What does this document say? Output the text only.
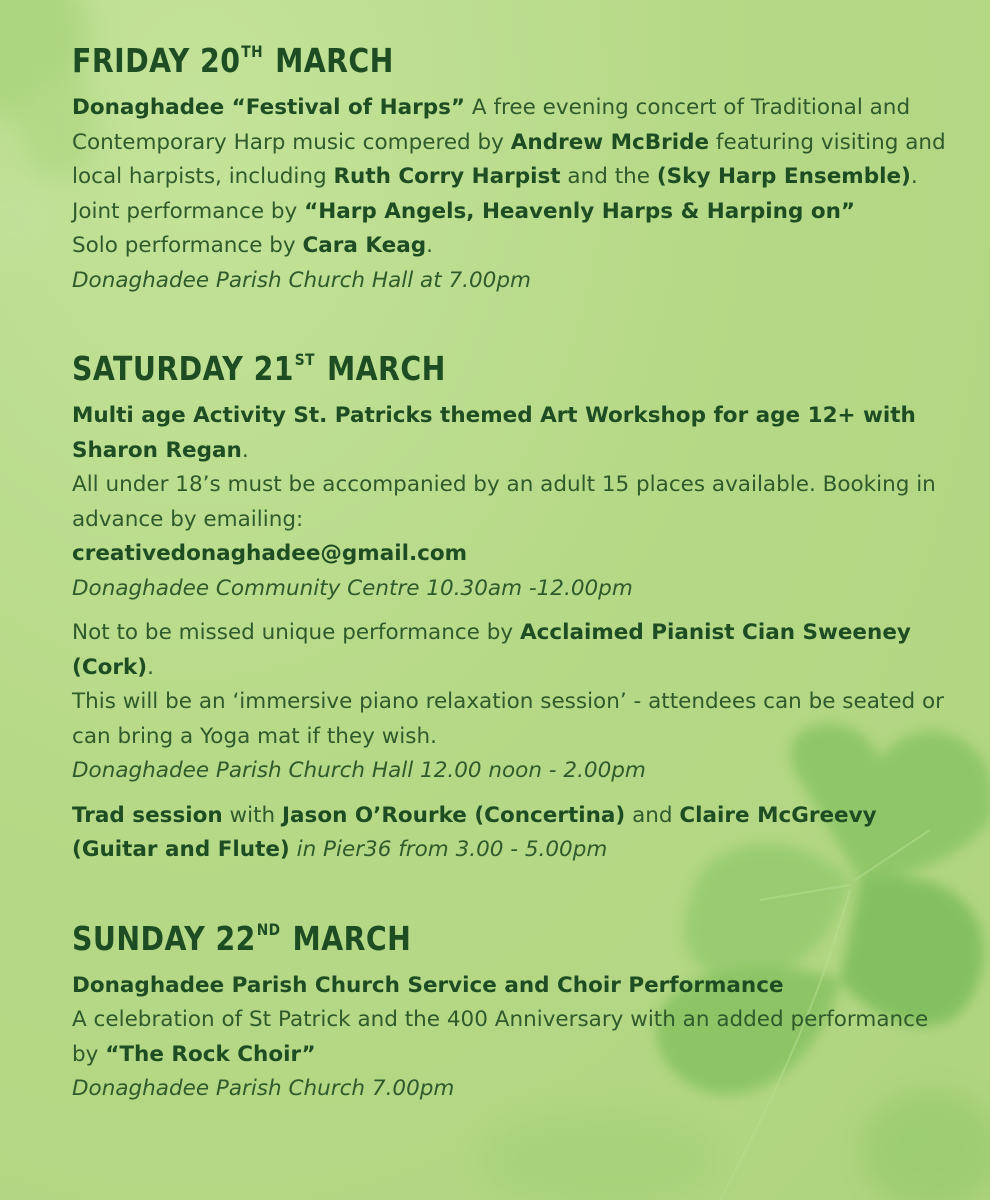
FRIDAY 20TH MARCH

Donaghadee “Festival of Harps” A free evening concert of Traditional and Contemporary Harp music compered by Andrew McBride featuring visiting and local harpists, including Ruth Corry Harpist and the (Sky Harp Ensemble).

Joint performance by “Harp Angels, Heavenly Harps & Harping on”

Solo performance by Cara Keag.

Donaghadee Parish Church Hall at 7.00pm

SATURDAY 21ST MARCH

Multi age Activity St. Patricks themed Art Workshop for age 12+ with Sharon Regan.

All under 18’s must be accompanied by an adult 15 places available. Booking in advance by emailing:

creativedonaghadee@gmail.com

Donaghadee Community Centre 10.30am -12.00pm

Not to be missed unique performance by Acclaimed Pianist Cian Sweeney (Cork).

This will be an ‘immersive piano relaxation session’ - attendees can be seated or can bring a Yoga mat if they wish.

Donaghadee Parish Church Hall 12.00 noon - 2.00pm

Trad session with Jason O’Rourke (Concertina) and Claire McGreevy (Guitar and Flute) in Pier36 from 3.00 - 5.00pm

SUNDAY 22ND MARCH

Donaghadee Parish Church Service and Choir Performance

A celebration of St Patrick and the 400 Anniversary with an added performance by “The Rock Choir”

Donaghadee Parish Church 7.00pm
